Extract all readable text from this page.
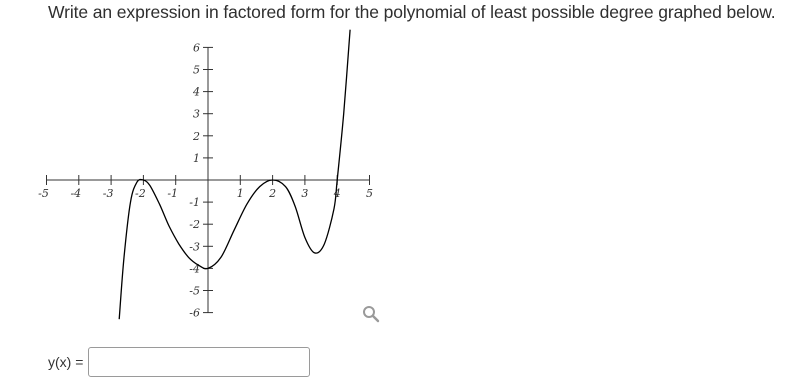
Write an expression in factored form for the polynomial of least possible degree graphed below.
-5 -4 -3 -2 -1	1 2 3 4 5
6
5
4
3
2
1
-1
-2
-3
-4
-5
-6
y(x) =
